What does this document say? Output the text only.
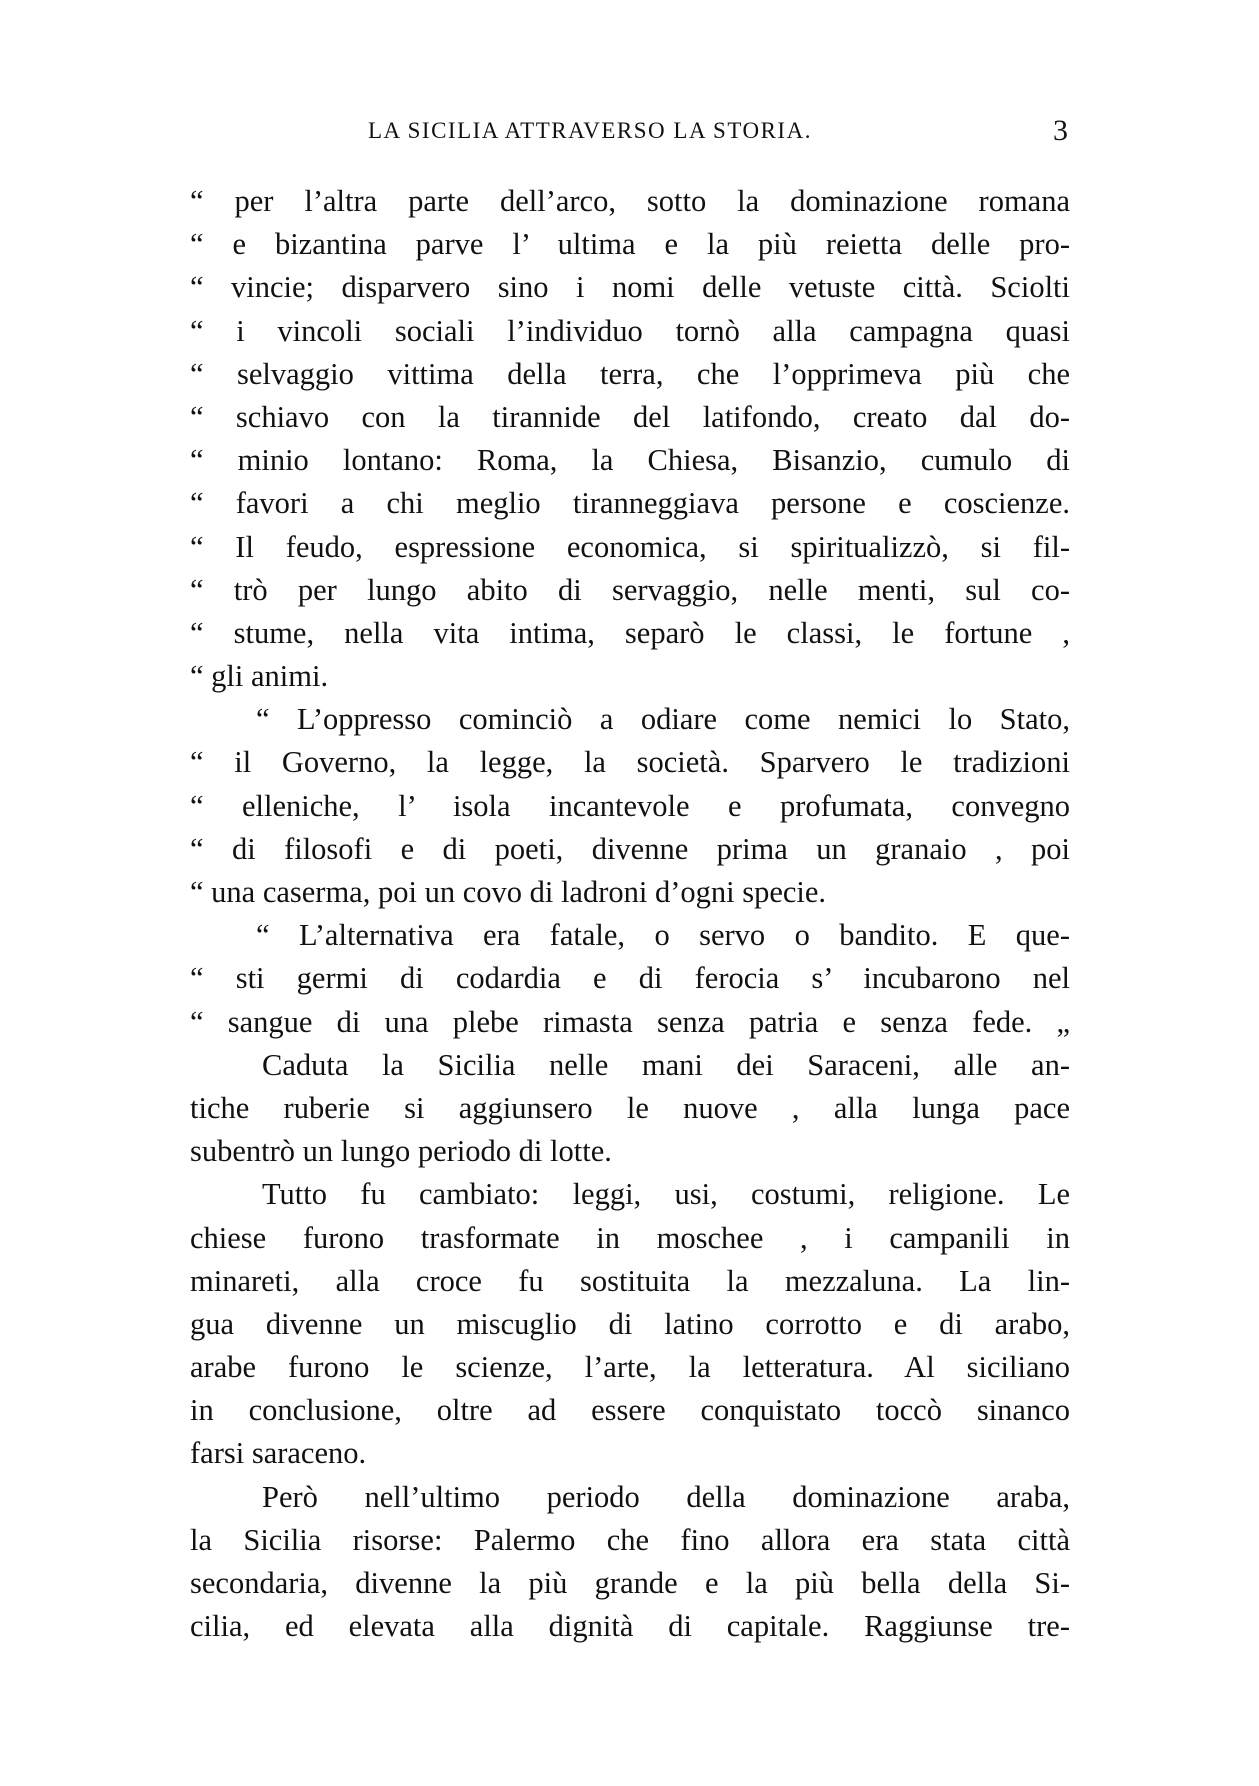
LA SICILIA ATTRAVERSO LA STORIA.	3
“ per l’altra parte dell’arco, sotto la dominazione romana
“ e bizantina parve l’ ultima e la più reietta delle pro-
“ vincie; disparvero sino i nomi delle vetuste città. Sciolti
“ i vincoli sociali l’individuo tornò alla campagna quasi
“ selvaggio vittima della terra, che l’opprimeva più che
“ schiavo con la tirannide del latifondo, creato dal do-
“ minio lontano: Roma, la Chiesa, Bisanzio, cumulo di
“ favori a chi meglio tiranneggiava persone e coscienze.
“ Il feudo, espressione economica, si spiritualizzò, si fil-
“ trò per lungo abito di servaggio, nelle menti, sul co-
“ stume, nella vita intima, separò le classi, le fortune ,
“ gli animi.
“ L’oppresso cominciò a odiare come nemici lo Stato,
“ il Governo, la legge, la società. Sparvero le tradizioni
“ elleniche, l’ isola incantevole e profumata, convegno
“ di filosofi e di poeti, divenne prima un granaio , poi
“ una caserma, poi un covo di ladroni d’ogni specie.
“ L’alternativa era fatale, o servo o bandito. E que-
“ sti germi di codardia e di ferocia s’ incubarono nel
“ sangue di una plebe rimasta senza patria e senza fede. „
Caduta la Sicilia nelle mani dei Saraceni, alle an-
tiche ruberie si aggiunsero le nuove , alla lunga pace
subentrò un lungo periodo di lotte.
Tutto fu cambiato: leggi, usi, costumi, religione. Le
chiese furono trasformate in moschee , i campanili in
minareti, alla croce fu sostituita la mezzaluna. La lin-
gua divenne un miscuglio di latino corrotto e di arabo,
arabe furono le scienze, l’arte, la letteratura. Al siciliano
in conclusione, oltre ad essere conquistato toccò sinanco
farsi saraceno.
Però nell’ultimo periodo della dominazione araba,
la Sicilia risorse: Palermo che fino allora era stata città
secondaria, divenne la più grande e la più bella della Si-
cilia, ed elevata alla dignità di capitale. Raggiunse tre-
